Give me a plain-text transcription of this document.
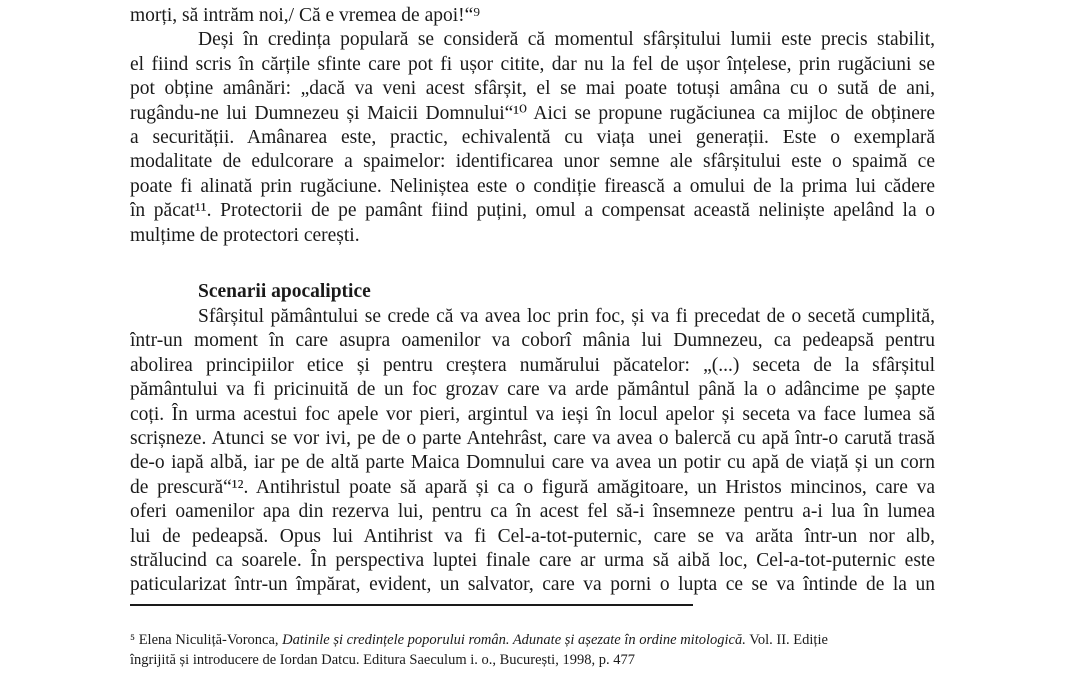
morți, să intrăm noi,/ Că e vremea de apoi!“⁹
Deși în credința populară se consideră că momentul sfârșitului lumii este precis stabilit,
el fiind scris în cărțile sfinte care pot fi ușor citite, dar nu la fel de ușor înțelese, prin rugăciuni se
pot obține amânări: „dacă va veni acest sfârșit, el se mai poate totuși amâna cu o sută de ani,
rugându-ne lui Dumnezeu și Maicii Domnului“¹⁰ Aici se propune rugăciunea ca mijloc de obținere
a securității. Amânarea este, practic, echivalentă cu viața unei generații. Este o exemplară
modalitate de edulcorare a spaimelor: identificarea unor semne ale sfârșitului este o spaimă ce
poate fi alinată prin rugăciune. Neliniștea este o condiție firească a omului de la prima lui cădere
în păcat¹¹. Protectorii de pe pamânt fiind puțini, omul a compensat această neliniște apelând la o
mulțime de protectori cerești.
Scenarii apocaliptice
Sfârșitul pământului se crede că va avea loc prin foc, și va fi precedat de o secetă cumplită,
într-un moment în care asupra oamenilor va coborî mânia lui Dumnezeu, ca pedeapsă pentru
abolirea principiilor etice și pentru creștera numărului păcatelor: „(...) seceta de la sfârșitul
pământului va fi pricinuită de un foc grozav care va arde pământul până la o adâncime pe șapte
coți. În urma acestui foc apele vor pieri, argintul va ieși în locul apelor și seceta va face lumea să
scrișneze. Atunci se vor ivi, pe de o parte Antehrâst, care va avea o balercă cu apă într-o carută trasă
de-o iapă albă, iar pe de altă parte Maica Domnului care va avea un potir cu apă de viață și un corn
de prescură“¹². Antihristul poate să apară și ca o figură amăgitoare, un Hristos mincinos, care va
oferi oamenilor apa din rezerva lui, pentru ca în acest fel să-i însemneze pentru a-i lua în lumea
lui de pedeapsă. Opus lui Antihrist va fi Cel-a-tot-puternic, care se va arăta într-un nor alb,
strălucind ca soarele. În perspectiva luptei finale care ar urma să aibă loc, Cel-a-tot-puternic este
paticularizat într-un împărat, evident, un salvator, care va porni o lupta ce se va întinde de la un
⁵ Elena Niculiță-Voronca, Datinile și credințele poporului român. Adunate și așezate în ordine mitologică. Vol. II. Ediție
îngrijită și introducere de Iordan Datcu. Editura Saeculum i. o., București, 1998, p. 477
